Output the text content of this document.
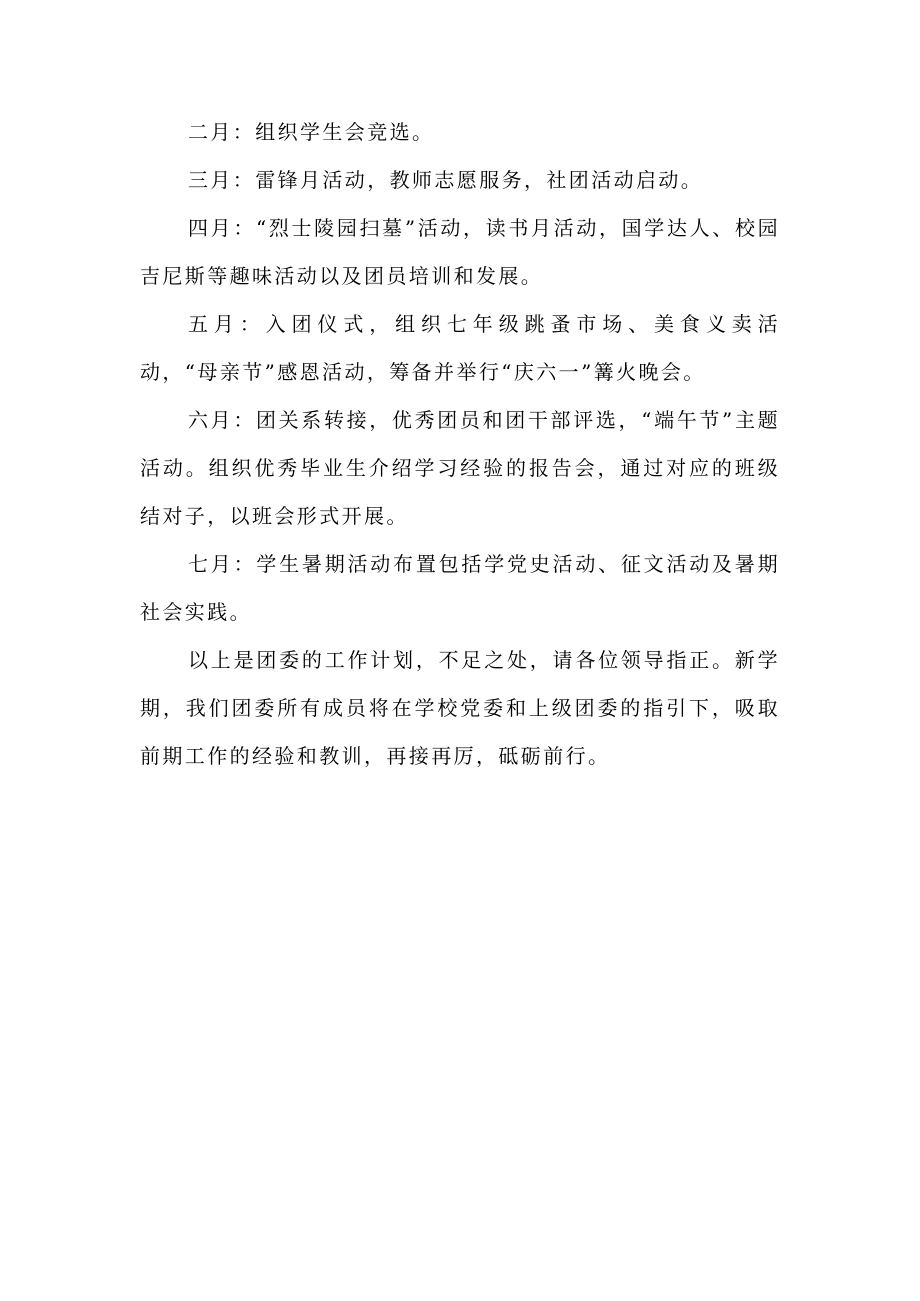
二月：组织学生会竞选。

三月：雷锋月活动，教师志愿服务，社团活动启动。

四月：“烈士陵园扫墓”活动，读书月活动，国学达人、校园吉尼斯等趣味活动以及团员培训和发展。

五月：入团仪式，组织七年级跳蚤市场、美食义卖活动，“母亲节”感恩活动，筹备并举行“庆六一”篝火晚会。

六月：团关系转接，优秀团员和团干部评选，“端午节”主题活动。组织优秀毕业生介绍学习经验的报告会，通过对应的班级结对子，以班会形式开展。

七月：学生暑期活动布置包括学党史活动、征文活动及暑期社会实践。

以上是团委的工作计划，不足之处，请各位领导指正。新学期，我们团委所有成员将在学校党委和上级团委的指引下，吸取前期工作的经验和教训，再接再厉，砥砺前行。
